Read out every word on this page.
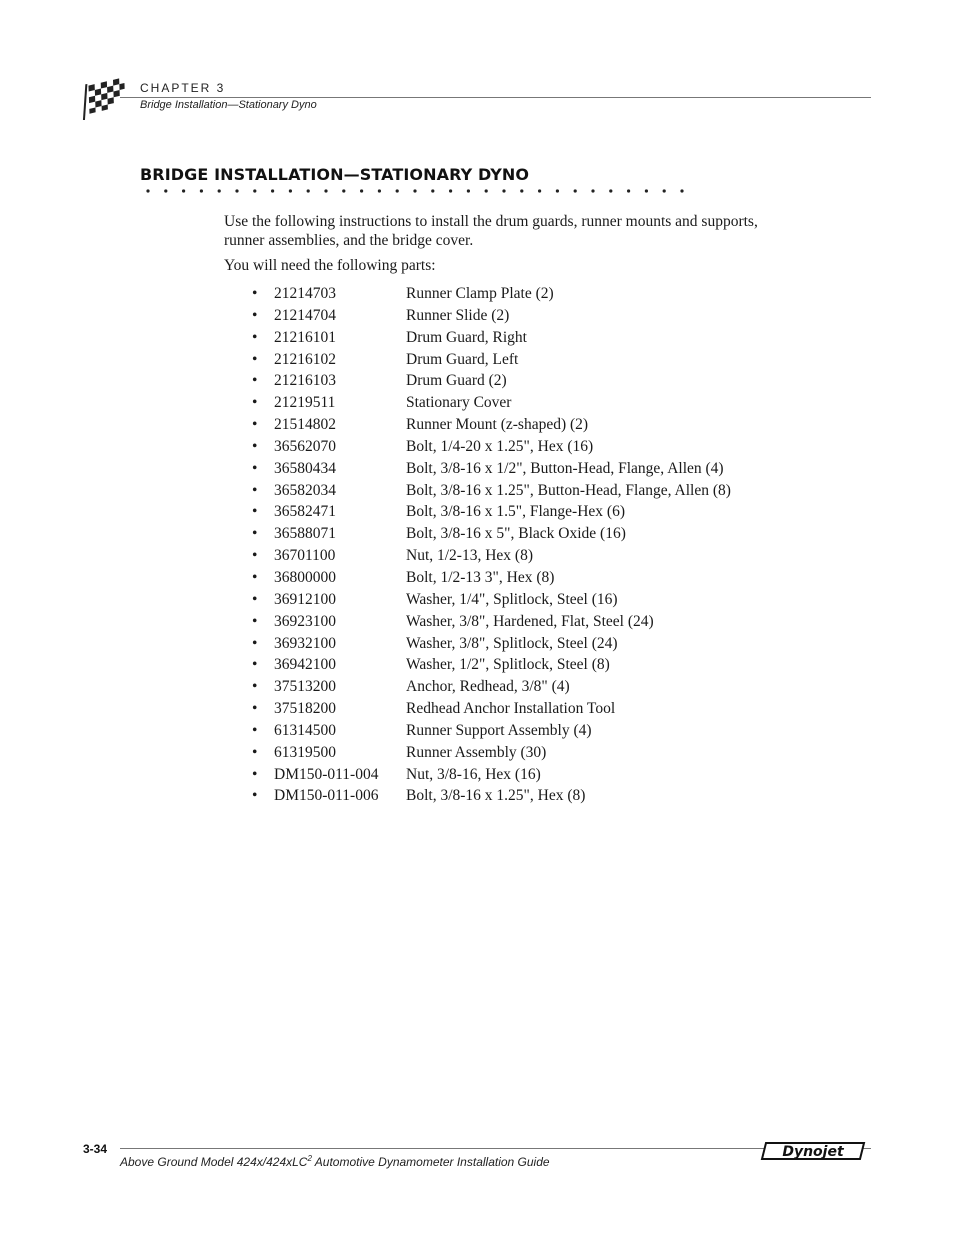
CHAPTER 3
Bridge Installation—Stationary Dyno
BRIDGE INSTALLATION—STATIONARY DYNO
Use the following instructions to install the drum guards, runner mounts and supports, runner assemblies, and the bridge cover.
You will need the following parts:
• 21214703	Runner Clamp Plate (2)
• 21214704	Runner Slide (2)
• 21216101	Drum Guard, Right
• 21216102	Drum Guard, Left
• 21216103	Drum Guard (2)
• 21219511	Stationary Cover
• 21514802	Runner Mount (z-shaped) (2)
• 36562070	Bolt, 1/4-20 x 1.25", Hex (16)
• 36580434	Bolt, 3/8-16 x 1/2", Button-Head, Flange, Allen (4)
• 36582034	Bolt, 3/8-16 x 1.25", Button-Head, Flange, Allen (8)
• 36582471	Bolt, 3/8-16 x 1.5", Flange-Hex (6)
• 36588071	Bolt, 3/8-16 x 5", Black Oxide (16)
• 36701100	Nut, 1/2-13, Hex (8)
• 36800000	Bolt, 1/2-13 3", Hex (8)
• 36912100	Washer, 1/4", Splitlock, Steel (16)
• 36923100	Washer, 3/8", Hardened, Flat, Steel (24)
• 36932100	Washer, 3/8", Splitlock, Steel (24)
• 36942100	Washer, 1/2", Splitlock, Steel (8)
• 37513200	Anchor, Redhead, 3/8" (4)
• 37518200	Redhead Anchor Installation Tool
• 61314500	Runner Support Assembly (4)
• 61319500	Runner Assembly (30)
• DM150-011-004 Nut, 3/8-16, Hex (16)
• DM150-011-006 Bolt, 3/8-16 x 1.25", Hex (8)
3-34
Above Ground Model 424x/424xLC$^2$ Automotive Dynamometer Installation Guide
Dynojet
